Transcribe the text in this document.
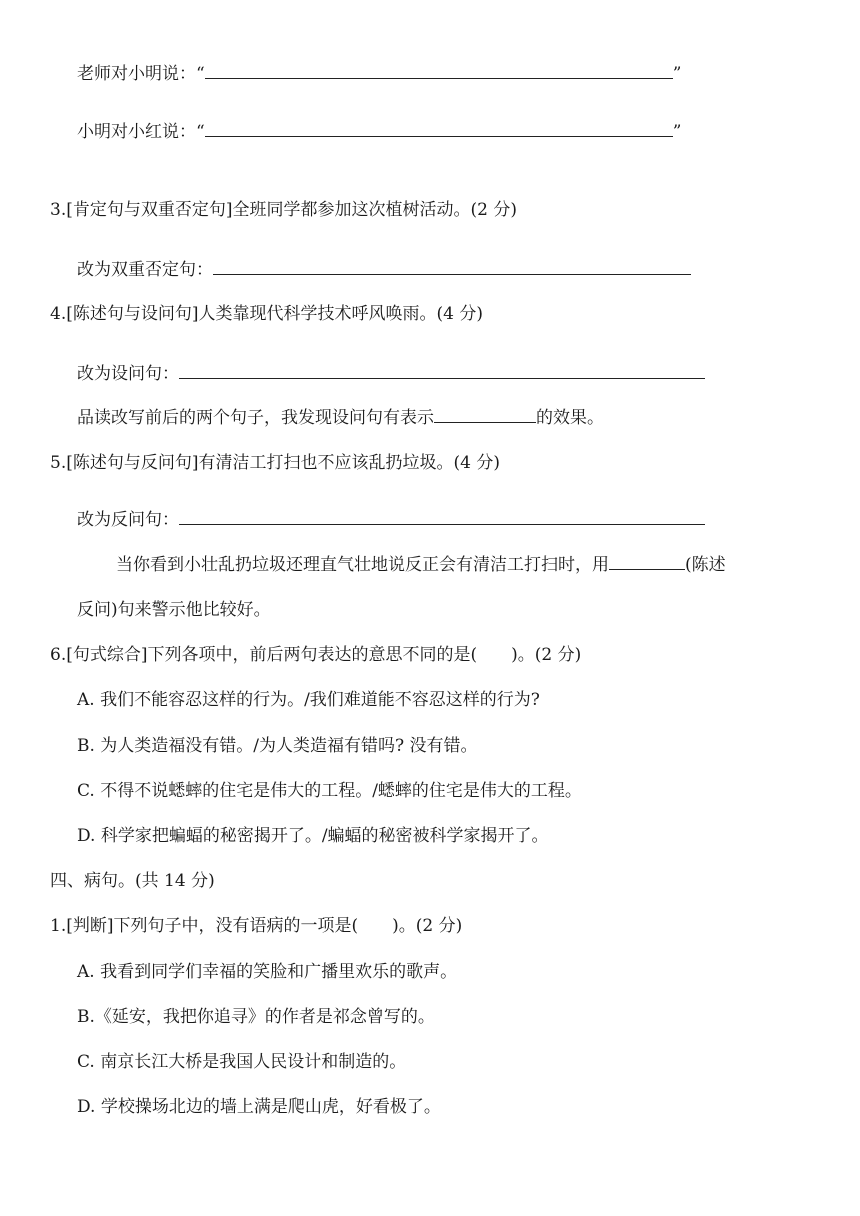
老师对小明说：“	”
小明对小红说：“	”
3.[肯定句与双重否定句]全班同学都参加这次植树活动。(2 分)
改为双重否定句：
4.[陈述句与设问句]人类靠现代科学技术呼风唤雨。(4 分)
改为设问句：
品读改写前后的两个句子，我发现设问句有表示	的效果。
5.[陈述句与反问句]有清洁工打扫也不应该乱扔垃圾。(4 分)
改为反问句：
当你看到小壮乱扔垃圾还理直气壮地说反正会有清洁工打扫时，用	(陈述
反问)句来警示他比较好。
6.[句式综合]下列各项中，前后两句表达的意思不同的是( )。(2 分)
A. 我们不能容忍这样的行为。/我们难道能不容忍这样的行为?
B. 为人类造福没有错。/为人类造福有错吗? 没有错。
C. 不得不说蟋蟀的住宅是伟大的工程。/蟋蟀的住宅是伟大的工程。
D. 科学家把蝙蝠的秘密揭开了。/蝙蝠的秘密被科学家揭开了。
四、病句。(共 14 分)
1.[判断]下列句子中，没有语病的一项是( )。(2 分)
A. 我看到同学们幸福的笑脸和广播里欢乐的歌声。
B.《延安，我把你追寻》的作者是祁念曾写的。
C. 南京长江大桥是我国人民设计和制造的。
D. 学校操场北边的墙上满是爬山虎，好看极了。
